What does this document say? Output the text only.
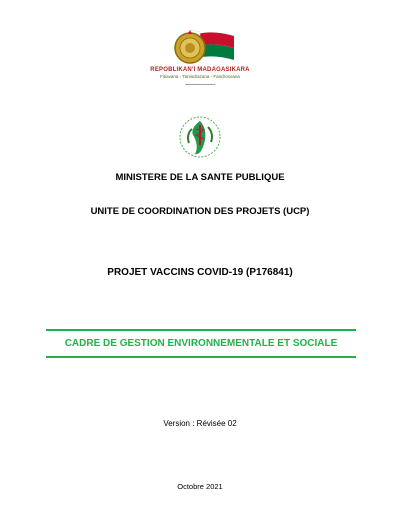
REPOBLIKAN'I MADAGASIKARA
Fitiavana - Tanindrazana - Fandrosoana
--------------------
MINISTERE DE LA SANTE PUBLIQUE
UNITE DE COORDINATION DES PROJETS (UCP)
PROJET VACCINS COVID-19 (P176841)
CADRE DE GESTION ENVIRONNEMENTALE ET SOCIALE
Version : Révisée 02
Octobre 2021
